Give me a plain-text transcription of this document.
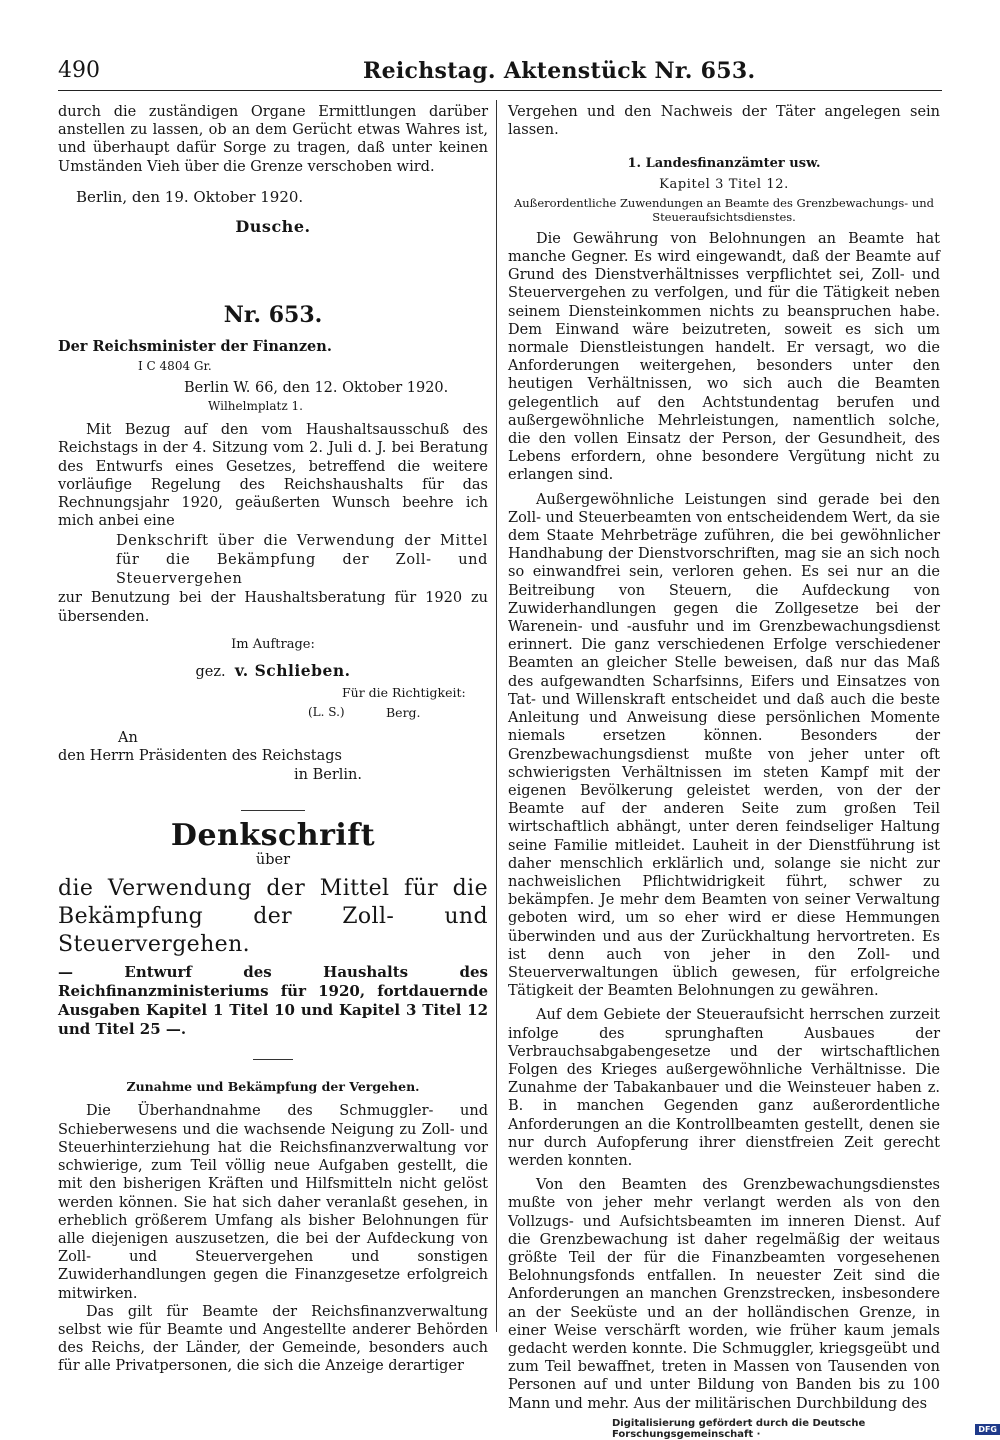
490	Reichstag. Aktenstück Nr. 653.

durch die zuständigen Organe Ermittlungen darüber anstellen zu lassen, ob an dem Gerücht etwas Wahres ist, und überhaupt dafür Sorge zu tragen, daß unter keinen Umständen Vieh über die Grenze verschoben wird.

Berlin, den 19. Oktober 1920.

Dusche.

Nr. 653.

Der Reichsminister der Finanzen.

I C 4804 Gr.

Berlin W. 66, den 12. Oktober 1920.

Wilhelmplatz 1.

Mit Bezug auf den vom Haushaltsausschuß des Reichstags in der 4. Sitzung vom 2. Juli d. J. bei Beratung des Entwurfs eines Gesetzes, betreffend die weitere vorläufige Regelung des Reichshaushalts für das Rechnungsjahr 1920, geäußerten Wunsch beehre ich mich anbei eine

Denkschrift über die Verwendung der Mittel für die Bekämpfung der Zoll- und Steuervergehen

zur Benutzung bei der Haushaltsberatung für 1920 zu übersenden.

Im Auftrage:

gez. v. Schlieben.

Für die Richtigkeit:
(L. S.)	Berg.

An

den Herrn Präsidenten des Reichstags

in Berlin.

Denkschrift

über

die Verwendung der Mittel für die Bekämpfung der Zoll- und Steuervergehen.

— Entwurf des Haushalts des Reichfinanzministeriums für 1920, fortdauernde Ausgaben Kapitel 1 Titel 10 und Kapitel 3 Titel 12 und Titel 25 —.

Zunahme und Bekämpfung der Vergehen.

Die Überhandnahme des Schmuggler- und Schieberwesens und die wachsende Neigung zu Zoll- und Steuerhinterziehung hat die Reichsfinanzverwaltung vor schwierige, zum Teil völlig neue Aufgaben gestellt, die mit den bisherigen Kräften und Hilfsmitteln nicht gelöst werden können. Sie hat sich daher veranlaßt gesehen, in erheblich größerem Umfang als bisher Belohnungen für alle diejenigen auszusetzen, die bei der Aufdeckung von Zoll- und Steuervergehen und sonstigen Zuwiderhandlungen gegen die Finanzgesetze erfolgreich mitwirken.

Das gilt für Beamte der Reichsfinanzverwaltung selbst wie für Beamte und Angestellte anderer Behörden des Reichs, der Länder, der Gemeinde, besonders auch für alle Privatpersonen, die sich die Anzeige derartiger

Vergehen und den Nachweis der Täter angelegen sein lassen.

1. Landesfinanzämter usw.

Kapitel 3 Titel 12.

Außerordentliche Zuwendungen an Beamte des Grenzbewachungs- und Steueraufsichtsdienstes.

Die Gewährung von Belohnungen an Beamte hat manche Gegner. Es wird eingewandt, daß der Beamte auf Grund des Dienstverhältnisses verpflichtet sei, Zoll- und Steuervergehen zu verfolgen, und für die Tätigkeit neben seinem Diensteinkommen nichts zu beanspruchen habe. Dem Einwand wäre beizutreten, soweit es sich um normale Dienstleistungen handelt. Er versagt, wo die Anforderungen weitergehen, besonders unter den heutigen Verhältnissen, wo sich auch die Beamten gelegentlich auf den Achtstundentag berufen und außergewöhnliche Mehrleistungen, namentlich solche, die den vollen Einsatz der Person, der Gesundheit, des Lebens erfordern, ohne besondere Vergütung nicht zu erlangen sind.

Außergewöhnliche Leistungen sind gerade bei den Zoll- und Steuerbeamten von entscheidendem Wert, da sie dem Staate Mehrbeträge zuführen, die bei gewöhnlicher Handhabung der Dienstvorschriften, mag sie an sich noch so einwandfrei sein, verloren gehen. Es sei nur an die Beitreibung von Steuern, die Aufdeckung von Zuwiderhandlungen gegen die Zollgesetze bei der Warenein- und -ausfuhr und im Grenzbewachungsdienst erinnert. Die ganz verschiedenen Erfolge verschiedener Beamten an gleicher Stelle beweisen, daß nur das Maß des aufgewandten Scharfsinns, Eifers und Einsatzes von Tat- und Willenskraft entscheidet und daß auch die beste Anleitung und Anweisung diese persönlichen Momente niemals ersetzen können. Besonders der Grenzbewachungsdienst mußte von jeher unter oft schwierigsten Verhältnissen im steten Kampf mit der eigenen Bevölkerung geleistet werden, von der der Beamte auf der anderen Seite zum großen Teil wirtschaftlich abhängt, unter deren feindseliger Haltung seine Familie mitleidet. Lauheit in der Dienstführung ist daher menschlich erklärlich und, solange sie nicht zur nachweislichen Pflichtwidrigkeit führt, schwer zu bekämpfen. Je mehr dem Beamten von seiner Verwaltung geboten wird, um so eher wird er diese Hemmungen überwinden und aus der Zurückhaltung hervortreten. Es ist denn auch von jeher in den Zoll- und Steuerverwaltungen üblich gewesen, für erfolgreiche Tätigkeit der Beamten Belohnungen zu gewähren.

Auf dem Gebiete der Steueraufsicht herrschen zurzeit infolge des sprunghaften Ausbaues der Verbrauchsabgabengesetze und der wirtschaftlichen Folgen des Krieges außergewöhnliche Verhältnisse. Die Zunahme der Tabakanbauer und die Weinsteuer haben z. B. in manchen Gegenden ganz außerordentliche Anforderungen an die Kontrollbeamten gestellt, denen sie nur durch Aufopferung ihrer dienstfreien Zeit gerecht werden konnten.

Von den Beamten des Grenzbewachungsdienstes mußte von jeher mehr verlangt werden als von den Vollzugs- und Aufsichtsbeamten im inneren Dienst. Auf die Grenzbewachung ist daher regelmäßig der weitaus größte Teil der für die Finanzbeamten vorgesehenen Belohnungsfonds entfallen. In neuester Zeit sind die Anforderungen an manchen Grenzstrecken, insbesondere an der Seeküste und an der holländischen Grenze, in einer Weise verschärft worden, wie früher kaum jemals gedacht werden konnte. Die Schmuggler, kriegsgeübt und zum Teil bewaffnet, treten in Massen von Tausenden von Personen auf und unter Bildung von Banden bis zu 100 Mann und mehr. Aus der militärischen Durchbildung des

Digitalisierung gefördert durch die Deutsche Forschungsgemeinschaft ·	DFG
